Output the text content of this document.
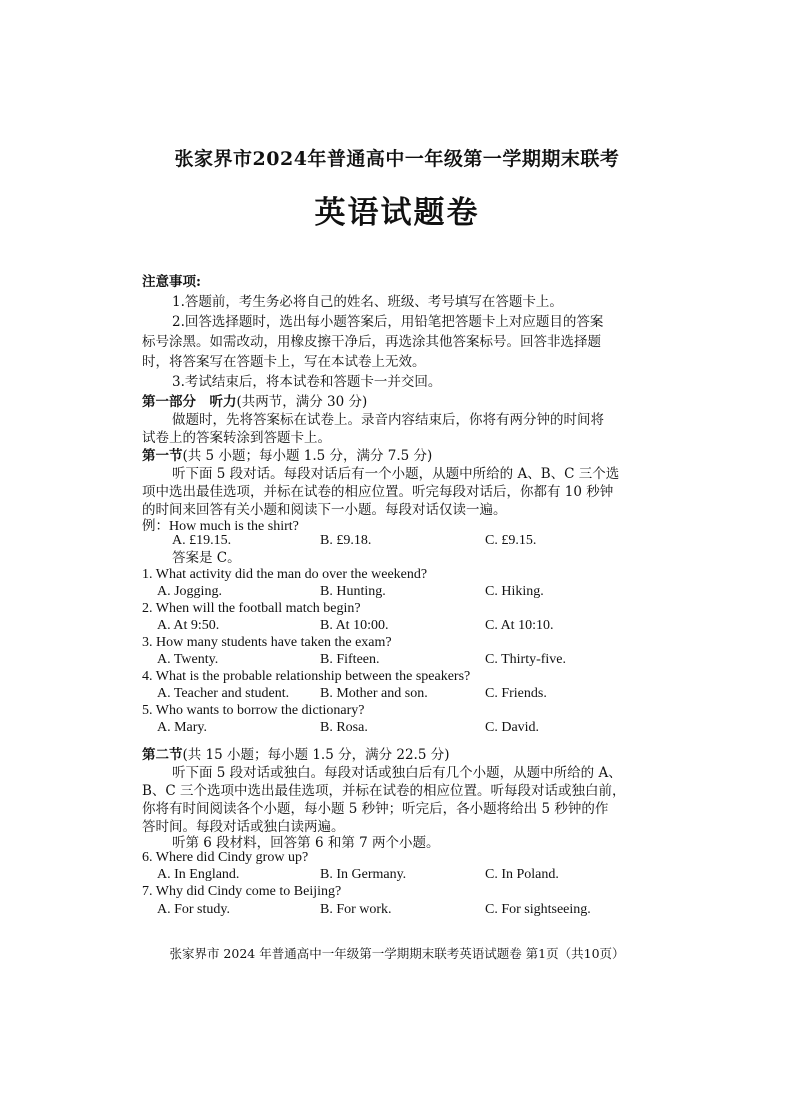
张家界市2024年普通高中一年级第一学期期末联考
英语试题卷
注意事项:
1.答题前，考生务必将自己的姓名、班级、考号填写在答题卡上。
2.回答选择题时，选出每小题答案后，用铅笔把答题卡上对应题目的答案
标号涂黑。如需改动，用橡皮擦干净后，再选涂其他答案标号。回答非选择题
时，将答案写在答题卡上，写在本试卷上无效。
3.考试结束后，将本试卷和答题卡一并交回。
第一部分　听力(共两节，满分 30 分)
做题时，先将答案标在试卷上。录音内容结束后，你将有两分钟的时间将
试卷上的答案转涂到答题卡上。
第一节(共 5 小题；每小题 1.5 分，满分 7.5 分)
听下面 5 段对话。每段对话后有一个小题，从题中所给的 A、B、C 三个选
项中选出最佳选项，并标在试卷的相应位置。听完每段对话后，你都有 10 秒钟
的时间来回答有关小题和阅读下一小题。每段对话仅读一遍。
例：How much is the shirt?
A. £19.15.	B. £9.18.	C. £9.15.
答案是 C。
1. What activity did the man do over the weekend?
A. Jogging.	B. Hunting.	C. Hiking.
2. When will the football match begin?
A. At 9:50.	B. At 10:00.	C. At 10:10.
3. How many students have taken the exam?
A. Twenty.	B. Fifteen.	C. Thirty-five.
4. What is the probable relationship between the speakers?
A. Teacher and student. B. Mother and son.	C. Friends.
5. Who wants to borrow the dictionary?
A. Mary.	B. Rosa.	C. David.
第二节(共 15 小题；每小题 1.5 分，满分 22.5 分)
听下面 5 段对话或独白。每段对话或独白后有几个小题，从题中所给的 A、
B、C 三个选项中选出最佳选项，并标在试卷的相应位置。听每段对话或独白前，
你将有时间阅读各个小题，每小题 5 秒钟；听完后，各小题将给出 5 秒钟的作
答时间。每段对话或独白读两遍。
听第 6 段材料，回答第 6 和第 7 两个小题。
6. Where did Cindy grow up?
A. In England.	B. In Germany.	C. In Poland.
7. Why did Cindy come to Beijing?
A. For study.	B. For work.	C. For sightseeing.
张家界市 2024 年普通高中一年级第一学期期末联考英语试题卷 第1页（共10页）
